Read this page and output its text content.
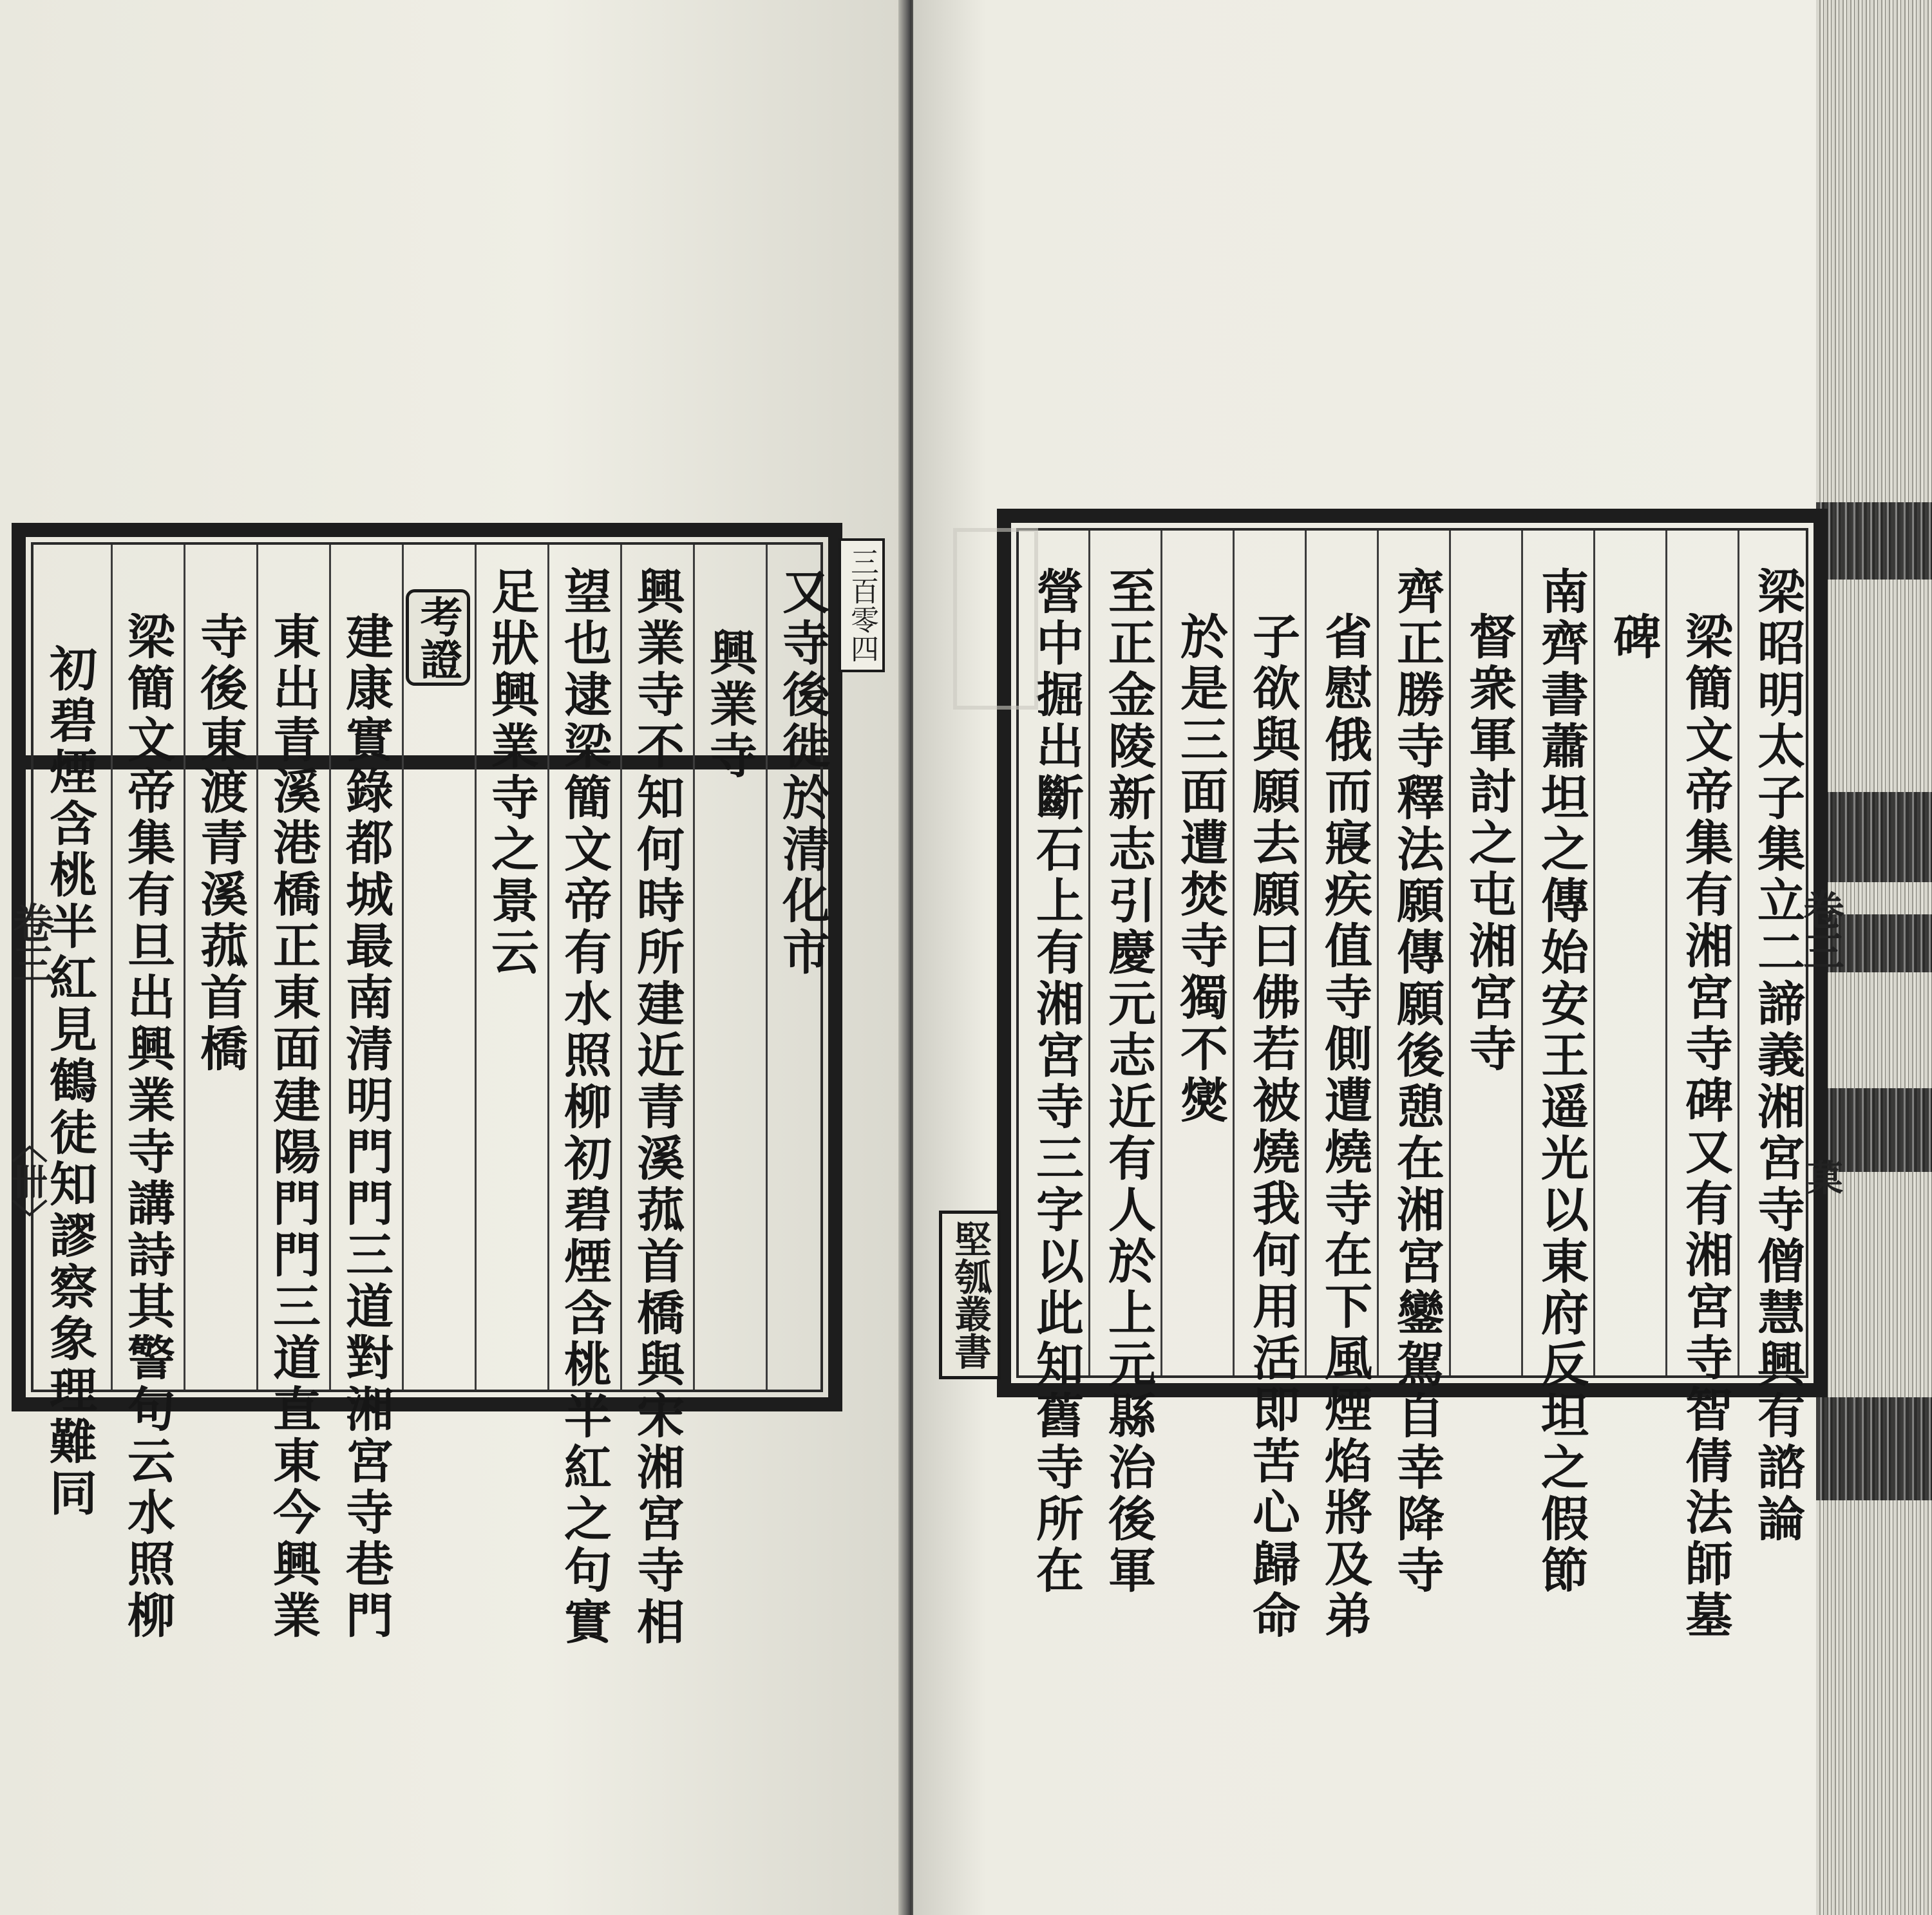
三百零四
又寺後徙於清化市
興業寺
興業寺不知何時所建近青溪菰首橋與宋湘宮寺相
望也逮梁簡文帝有水照柳初碧煙含桃半紅之句實
足狀興業寺之景云
考證
建康實錄都城最南清明門門三道對湘宮寺巷門
東出青溪港橋正東面建陽門門三道直東今興業
寺後東渡青溪菰首橋
梁簡文帝集有旦出興業寺講詩其警句云水照柳
初碧煙含桃半紅見鶴徒知謬察象理難同
卷三
〈卌〉	梁昭明太子集立二諦義湘宮寺僧慧興有諮論
梁簡文帝集有湘宮寺碑又有湘宮寺智倩法師墓
碑
南齊書蕭坦之傳始安王遥光以東府反坦之假節
督衆軍討之屯湘宮寺
齊正勝寺釋法願傳願後憩在湘宮鑾駕自幸降寺
省慰俄而寢疾值寺側遭燒寺在下風煙焰將及弟
子欲與願去願曰佛若被燒我何用活即苦心歸命
於是三面遭焚寺獨不爕
至正金陵新志引慶元志近有人於上元縣治後軍
營中掘出斷石上有湘宮寺三字以此知舊寺所在
堅瓠叢書
卷三
菓
